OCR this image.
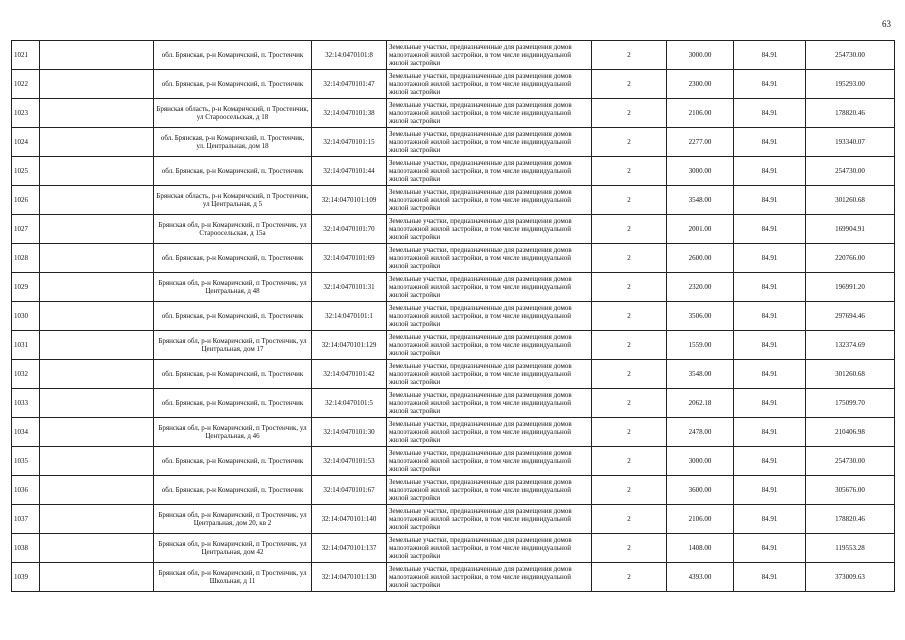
63
1021		обл. Брянская, р-н Комаричский, п. Тростенчик	32:14:0470101:8	Земельные участки, предназначенные для размещения домов малоэтажной жилой застройки, в том числе индивидуальной жилой застройки	2	3000.00	84.91	254730.00
1022		обл. Брянская, р-н Комаричский, п. Тростенчик	32:14:0470101:47	Земельные участки, предназначенные для размещения домов малоэтажной жилой застройки, в том числе индивидуальной жилой застройки	2	2300.00	84.91	195293.00
1023		Брянская область, р-н Комаричский, п Тростенчик, ул Староосельская, д 18	32:14:0470101:38	Земельные участки, предназначенные для размещения домов малоэтажной жилой застройки, в том числе индивидуальной жилой застройки	2	2106.00	84.91	178820.46
1024		обл. Брянская, р-н Комаричский, п. Тростенчик, ул. Центральная, дом 18	32:14:0470101:15	Земельные участки, предназначенные для размещения домов малоэтажной жилой застройки, в том числе индивидуальной жилой застройки	2	2277.00	84.91	193340.07
1025		обл. Брянская, р-н Комаричский, п. Тростенчик	32:14:0470101:44	Земельные участки, предназначенные для размещения домов малоэтажной жилой застройки, в том числе индивидуальной жилой застройки	2	3000.00	84.91	254730.00
1026		Брянская область, р-н Комаричский, п Тростенчик, ул Центральная, д 5	32:14:0470101:109	Земельные участки, предназначенные для размещения домов малоэтажной жилой застройки, в том числе индивидуальной жилой застройки	2	3548.00	84.91	301260.68
1027		Брянская обл, р-н Комаричский, п Тростенчик, ул Староосельская, д 15а	32:14:0470101:70	Земельные участки, предназначенные для размещения домов малоэтажной жилой застройки, в том числе индивидуальной жилой застройки	2	2001.00	84.91	169904.91
1028		обл. Брянская, р-н Комаричский, п. Тростенчик	32:14:0470101:69	Земельные участки, предназначенные для размещения домов малоэтажной жилой застройки, в том числе индивидуальной жилой застройки	2	2600.00	84.91	220766.00
1029		Брянская обл, р-н Комаричский, п Тростенчик, ул Центральная, д 48	32:14:0470101:31	Земельные участки, предназначенные для размещения домов малоэтажной жилой застройки, в том числе индивидуальной жилой застройки	2	2320.00	84.91	196991.20
1030		обл. Брянская, р-н Комаричский, п. Тростенчик	32:14:0470101:1	Земельные участки, предназначенные для размещения домов малоэтажной жилой застройки, в том числе индивидуальной жилой застройки	2	3506.00	84.91	297694.46
1031		Брянская обл, р-н Комаричский, п Тростенчик, ул Центральная, дом 17	32:14:0470101:129	Земельные участки, предназначенные для размещения домов малоэтажной жилой застройки, в том числе индивидуальной жилой застройки	2	1559.00	84.91	132374.69
1032		обл. Брянская, р-н Комаричский, п. Тростенчик	32:14:0470101:42	Земельные участки, предназначенные для размещения домов малоэтажной жилой застройки, в том числе индивидуальной жилой застройки	2	3548.00	84.91	301260.68
1033		обл. Брянская, р-н Комаричский, п. Тростенчик	32:14:0470101:5	Земельные участки, предназначенные для размещения домов малоэтажной жилой застройки, в том числе индивидуальной жилой застройки	2	2062.18	84.91	175099.70
1034		Брянская обл, р-н Комаричский, п Тростенчик, ул Центральная, д 46	32:14:0470101:30	Земельные участки, предназначенные для размещения домов малоэтажной жилой застройки, в том числе индивидуальной жилой застройки	2	2478.00	84.91	210406.98
1035		обл. Брянская, р-н Комаричский, п. Тростенчик	32:14:0470101:53	Земельные участки, предназначенные для размещения домов малоэтажной жилой застройки, в том числе индивидуальной жилой застройки	2	3000.00	84.91	254730.00
1036		обл. Брянская, р-н Комаричский, п. Тростенчик	32:14:0470101:67	Земельные участки, предназначенные для размещения домов малоэтажной жилой застройки, в том числе индивидуальной жилой застройки	2	3600.00	84.91	305676.00
1037		Брянская обл, р-н Комаричский, п Тростенчик, ул Центральная, дом 20, кв 2	32:14:0470101:140	Земельные участки, предназначенные для размещения домов малоэтажной жилой застройки, в том числе индивидуальной жилой застройки	2	2106.00	84.91	178820.46
1038		Брянская обл, р-н Комаричский, п Тростенчик, ул Центральная, дом 42	32:14:0470101:137	Земельные участки, предназначенные для размещения домов малоэтажной жилой застройки, в том числе индивидуальной жилой застройки	2	1408.00	84.91	119553.28
1039		Брянская обл, р-н Комаричский, п Тростенчик, ул Школьная, д 11	32:14:0470101:130	Земельные участки, предназначенные для размещения домов малоэтажной жилой застройки, в том числе индивидуальной жилой застройки	2	4393.00	84.91	373009.63
